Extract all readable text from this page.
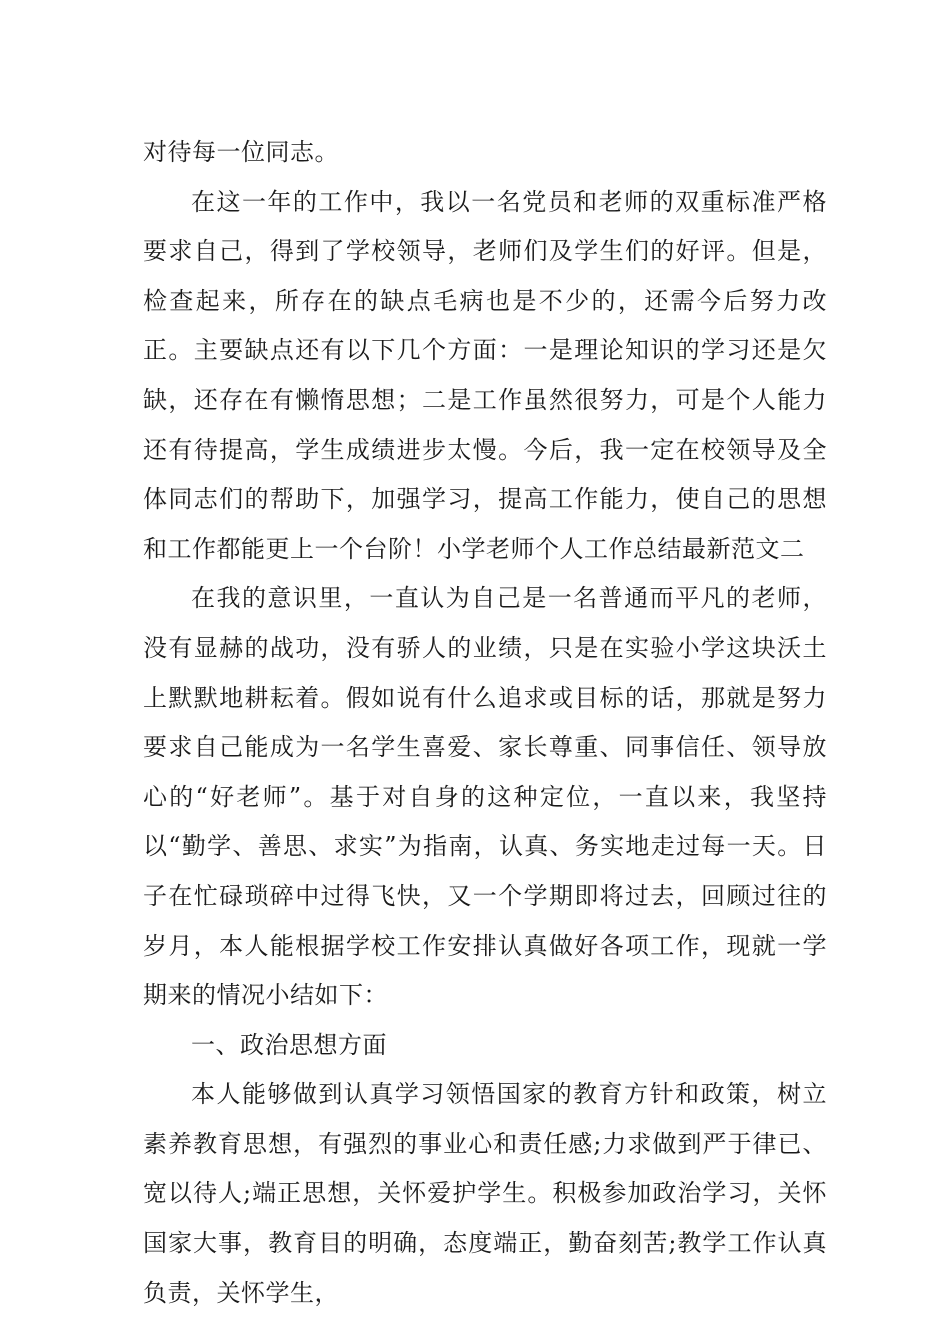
对待每一位同志。

在这一年的工作中，我以一名党员和老师的双重标准严格要求自己，得到了学校领导，老师们及学生们的好评。但是，检查起来，所存在的缺点毛病也是不少的，还需今后努力改正。主要缺点还有以下几个方面：一是理论知识的学习还是欠缺，还存在有懒惰思想；二是工作虽然很努力，可是个人能力还有待提高，学生成绩进步太慢。今后，我一定在校领导及全体同志们的帮助下，加强学习，提高工作能力，使自己的思想和工作都能更上一个台阶！小学老师个人工作总结最新范文二

在我的意识里，一直认为自己是一名普通而平凡的老师，没有显赫的战功，没有骄人的业绩，只是在实验小学这块沃土上默默地耕耘着。假如说有什么追求或目标的话，那就是努力要求自己能成为一名学生喜爱、家长尊重、同事信任、领导放心的“好老师”。基于对自身的这种定位，一直以来，我坚持以“勤学、善思、求实”为指南，认真、务实地走过每一天。日子在忙碌琐碎中过得飞快，又一个学期即将过去，回顾过往的岁月，本人能根据学校工作安排认真做好各项工作，现就一学期来的情况小结如下：

一、政治思想方面

本人能够做到认真学习领悟国家的教育方针和政策，树立素养教育思想，有强烈的事业心和责任感;力求做到严于律已、宽以待人;端正思想，关怀爱护学生。积极参加政治学习，关怀国家大事，教育目的明确，态度端正，勤奋刻苦;教学工作认真负责，关怀学生，
